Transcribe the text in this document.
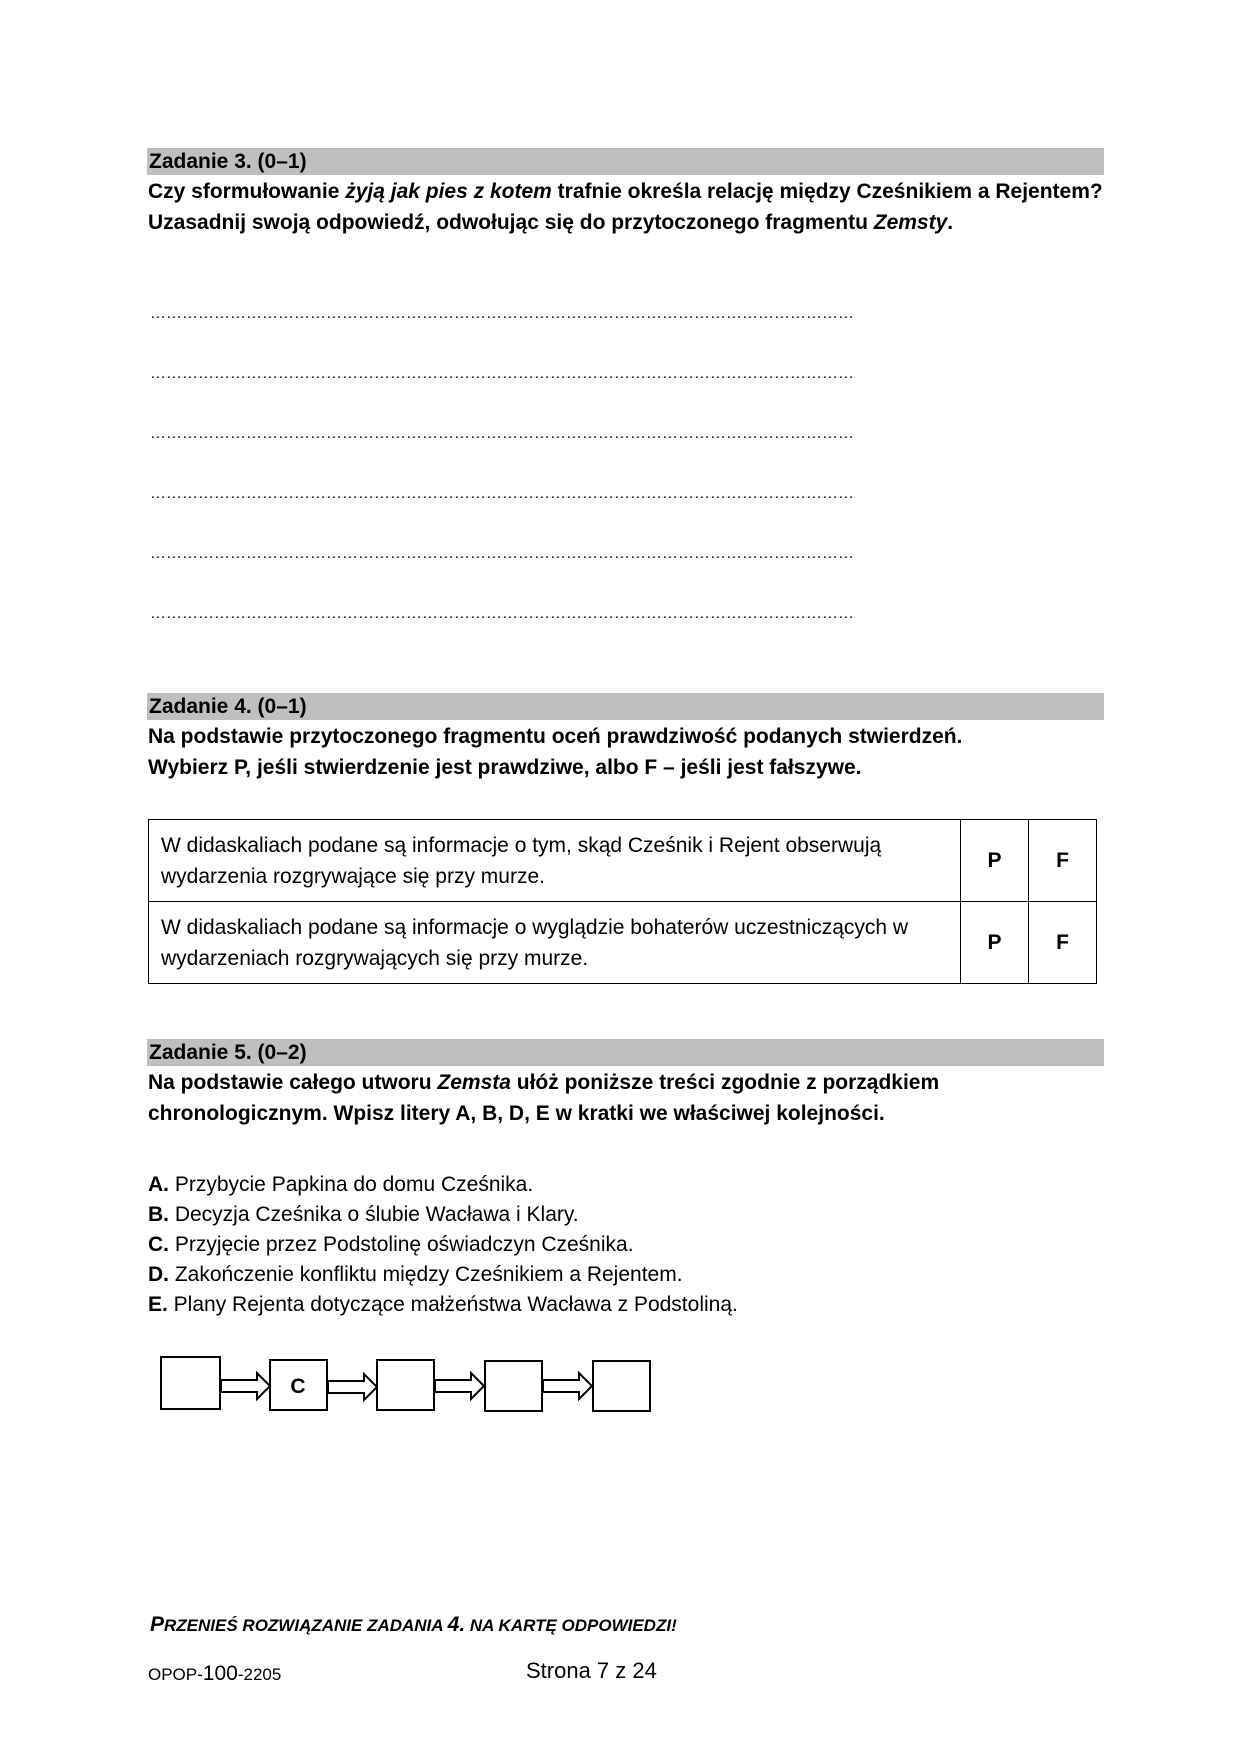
Zadanie 3. (0–1)
Czy sformułowanie żyją jak pies z kotem trafnie określa relację między Cześnikiem a Rejentem? Uzasadnij swoją odpowiedź, odwołując się do przytoczonego fragmentu Zemsty.
……………………………………………………………………………………………………………………
……………………………………………………………………………………………………………………
……………………………………………………………………………………………………………………
……………………………………………………………………………………………………………………
……………………………………………………………………………………………………………………
……………………………………………………………………………………………………………………
Zadanie 4. (0–1)
Na podstawie przytoczonego fragmentu oceń prawdziwość podanych stwierdzeń.
Wybierz P, jeśli stwierdzenie jest prawdziwe, albo F – jeśli jest fałszywe.
W didaskaliach podane są informacje o tym, skąd Cześnik i Rejent obserwują wydarzenia rozgrywające się przy murze.	P	F
W didaskaliach podane są informacje o wyglądzie bohaterów uczestniczących w wydarzeniach rozgrywających się przy murze.	P	F
Zadanie 5. (0–2)
Na podstawie całego utworu Zemsta ułóż poniższe treści zgodnie z porządkiem chronologicznym. Wpisz litery A, B, D, E w kratki we właściwej kolejności.
A. Przybycie Papkina do domu Cześnika.
B. Decyzja Cześnika o ślubie Wacława i Klary.
C. Przyjęcie przez Podstolinę oświadczyn Cześnika.
D. Zakończenie konfliktu między Cześnikiem a Rejentem.
E. Plany Rejenta dotyczące małżeństwa Wacława z Podstoliną.
C
PRZENIEŚ ROZWIĄZANIE ZADANIA 4. NA KARTĘ ODPOWIEDZI!
OPOP-100-2205	Strona 7 z 24
